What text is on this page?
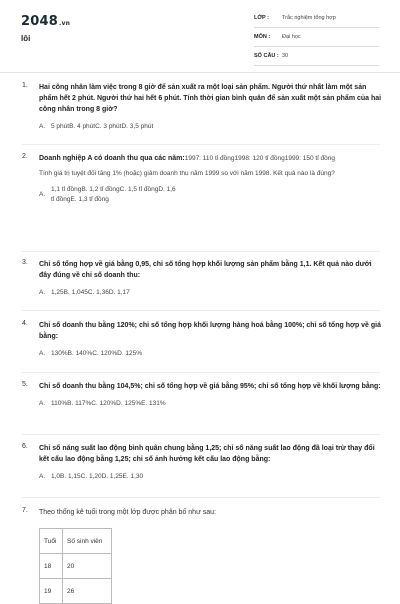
2048.vn
lôi
LỚP : Trắc nghiệm tổng hợp
MÔN : Đại học
SỐ CÂU : 30
1. Hai công nhân làm việc trong 8 giờ để sản xuất ra một loại sản phẩm. Người thứ nhất làm một sản phẩm hết 2 phút. Người thứ hai hết 6 phút. Tính thời gian bình quân để sản xuất một sản phẩm của hai công nhân trong 8 giờ?
A. 5 phútB. 4 phútC. 3 phútD. 3,5 phút
2. Doanh nghiệp A có doanh thu qua các năm:1997: 110 tỉ đồng1998: 120 tỉ đồng1999: 150 tỉ đồng
Tính giá trị tuyệt đối tăng 1% (hoặc) giảm doanh thu năm 1999 so với năm 1998. Kết quả nào là đúng?
A.
1,1 tỉ đồngB. 1,2 tỉ đồngC. 1,5 tỉ đồngD. 1,6
tỉ đồngE. 1,3 tỉ đồng
3. Chỉ số tổng hợp về giá bằng 0,95, chỉ số tổng hợp khối lượng sản phẩm bằng 1,1. Kết quả nào dưới đây đúng về chỉ số doanh thu:
A. 1,25B. 1,045C. 1,36D. 1,17
4. Chỉ số doanh thu bằng 120%; chỉ số tổng hợp khối lượng hàng hoá bằng 100%; chỉ số tổng hợp về giá bằng:
A. 130%B. 140%C. 120%D. 125%
5. Chỉ số doanh thu bằng 104,5%; chỉ số tổng hợp về giá bằng 95%; chỉ số tổng hợp về khối lượng bằng:
A. 110%B. 117%C. 120%D. 125%E. 131%
6. Chỉ số năng suất lao động bình quân chung bằng 1,25; chỉ số năng suất lao động đã loại trừ thay đổi kết cấu lao động bằng 1,25; chỉ số ảnh hưởng kết cấu lao động bằng:
A. 1,0B. 1,15C. 1,20D. 1,25E. 1,30
7. Theo thống kê tuổi trong một lớp được phân bố như sau:
Tuổi	Số sinh viên
18	20
19	26
